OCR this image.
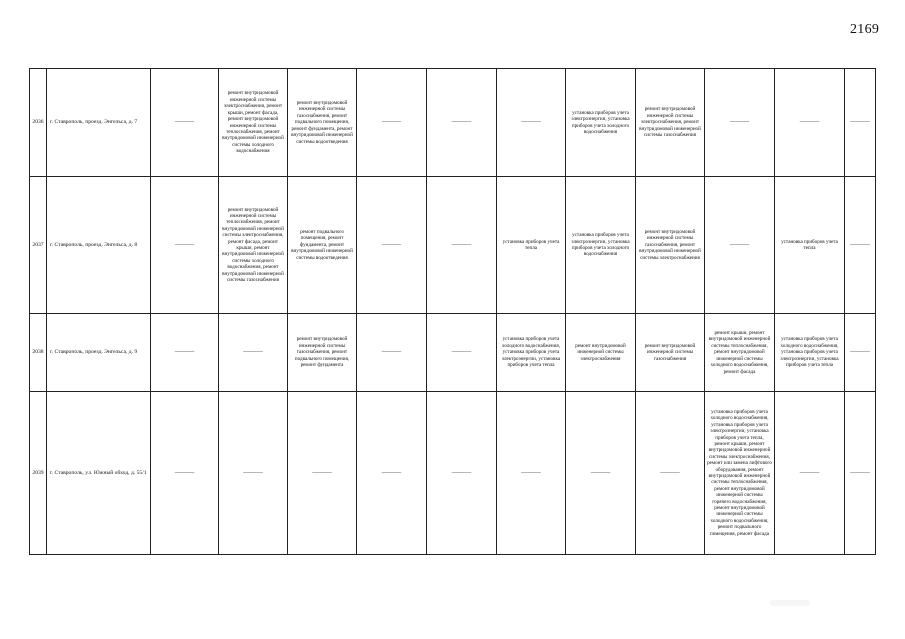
2169
2036	г. Ставрополь, проезд. Энгельса, д. 7	———	ремонт внутридомовой инженерной системы электроснабжения, ремонт крыши, ремонт фасада, ремонт внутридомовой инженерной системы теплоснабжения, ремонт внутридомовой инженерной системы холодного водоснабжения	ремонт внутридомовой инженерной системы газоснабжения, ремонт подвального помещения, ремонт фундамента, ремонт внутридомовой инженерной системы водоотведения	———	———	———	установка приборов учета электроэнергии, установка приборов учета холодного водоснабжения	ремонт внутридомовой инженерной системы электроснабжения, ремонт внутридомовой инженерной системы газоснабжения	———	———	———
2037	г. Ставрополь, проезд. Энгельса, д. 8	———	ремонт внутридомовой инженерной системы теплоснабжения, ремонт внутридомовой инженерной системы электроснабжения, ремонт фасада, ремонт крыши, ремонт внутридомовой инженерной системы холодного водоснабжения, ремонт внутридомовой инженерной системы газоснабжения	ремонт подвального помещения, ремонт фундамента, ремонт внутридомовой инженерной системы водоотведения	———	———	установка приборов учета тепла	установка приборов учета электроэнергии, установка приборов учета холодного водоснабжения	ремонт внутридомовой инженерной системы газоснабжения, ремонт внутридомовой инженерной системы электроснабжения	———	установка приборов учета тепла	———
2038	г. Ставрополь, проезд. Энгельса, д. 9	———	———	ремонт внутридомовой инженерной системы газоснабжения, ремонт подвального помещения, ремонт фундамента	———	———	установка приборов учета холодного водоснабжения, установка приборов учета электроэнергии, установка приборов учета тепла	ремонт внутридомовой инженерной системы электроснабжения	ремонт внутридомовой инженерной системы газоснабжения	ремонт крыши, ремонт внутридомовой инженерной системы теплоснабжения, ремонт внутридомовой инженерной системы холодного водоснабжения, ремонт фасада	установка приборов учета холодного водоснабжения, установка приборов учета электроэнергии, установка приборов учета тепла	———
2039	г. Ставрополь, у.з. Южный обход, д. 55/1	———	———	———	———	———	———	———	———	установка приборов учета холодного водоснабжения, установка приборов учета электроэнергии, установка приборов учета тепла, ремонт крыши, ремонт внутридомовой инженерной системы электроснабжения, ремонт или замена лифтового оборудования, ремонт внутридомовой инженерной системы теплоснабжения, ремонт внутридомовой инженерной системы горячего водоснабжения, ремонт внутридомовой инженерной системы холодного водоснабжения, ремонт подвального помещения, ремонт фасада	———	———
